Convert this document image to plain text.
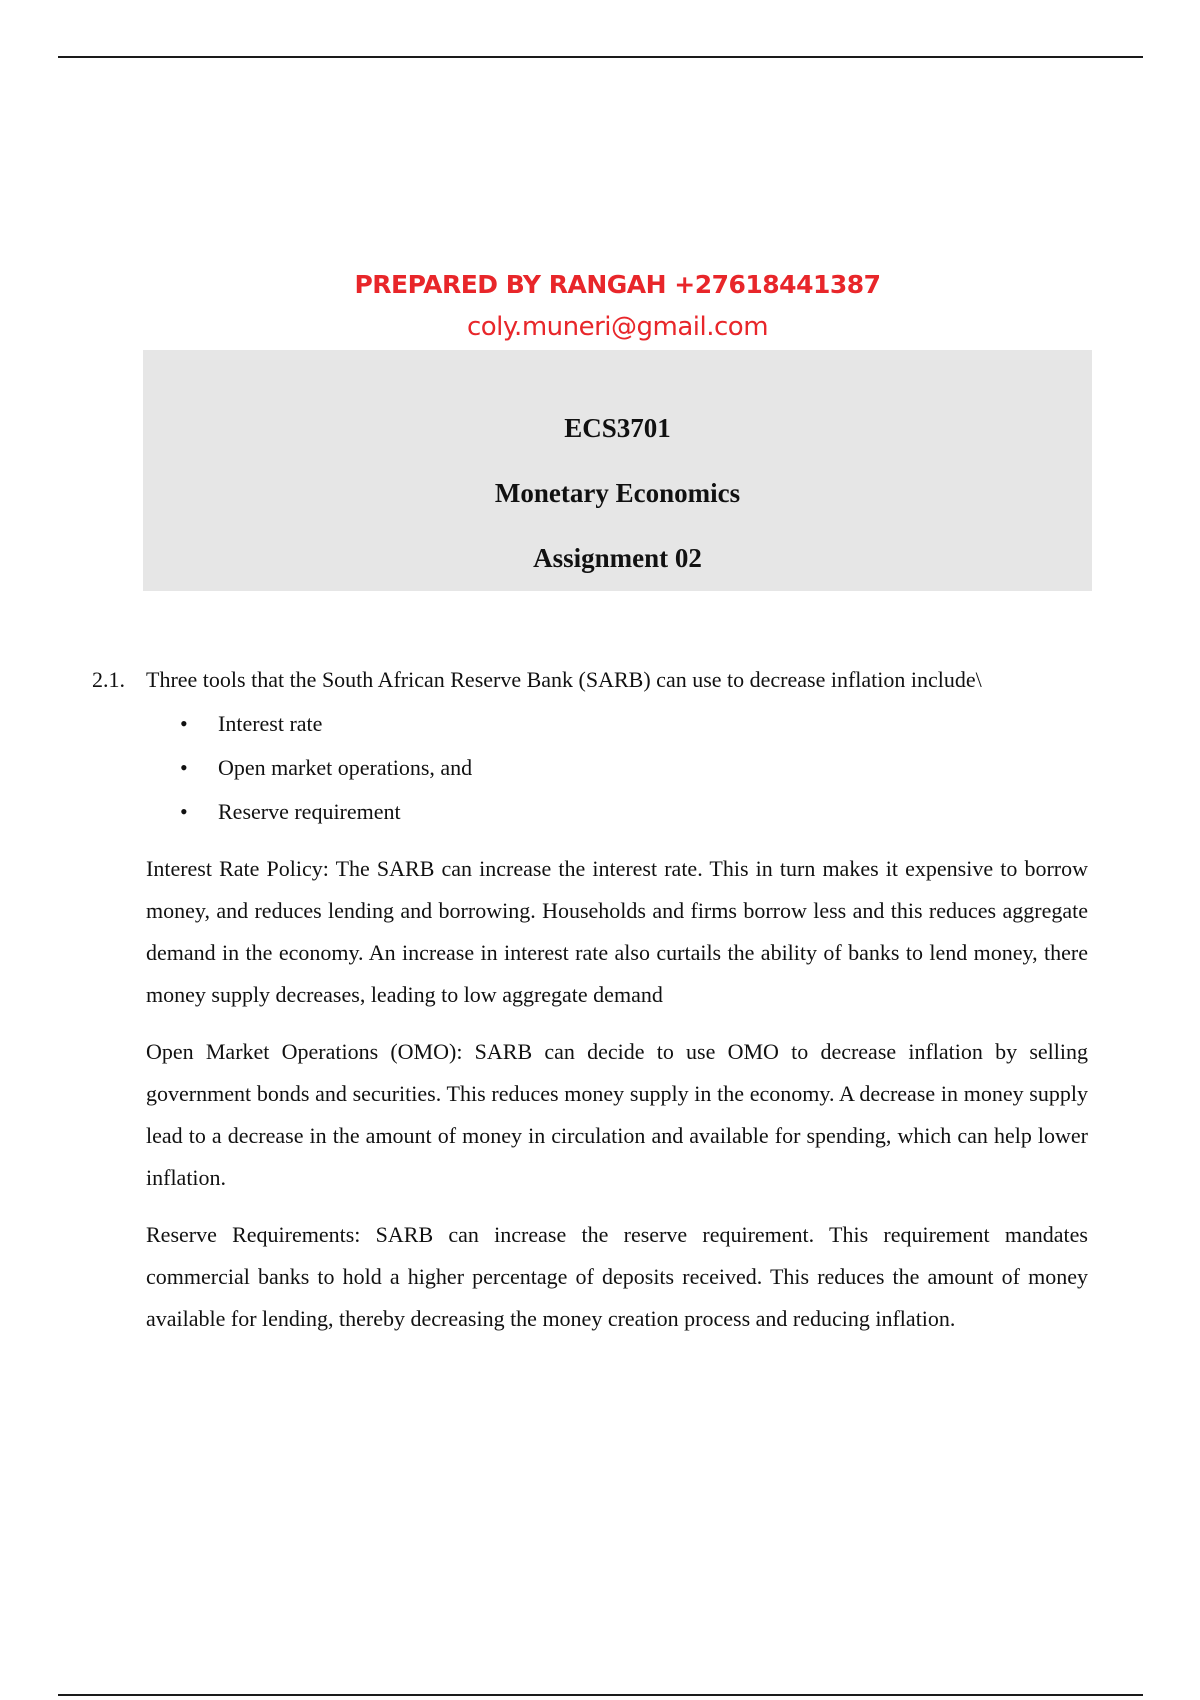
PREPARED BY RANGAH +27618441387
coly.muneri@gmail.com
ECS3701
Monetary Economics
Assignment 02
2.1. Three tools that the South African Reserve Bank (SARB) can use to decrease inflation include\
• Interest rate
• Open market operations, and
• Reserve requirement

Interest Rate Policy: The SARB can increase the interest rate. This in turn makes it expensive to borrow money, and reduces lending and borrowing. Households and firms borrow less and this reduces aggregate demand in the economy. An increase in interest rate also curtails the ability of banks to lend money, there money supply decreases, leading to low aggregate demand

Open Market Operations (OMO): SARB can decide to use OMO to decrease inflation by selling government bonds and securities. This reduces money supply in the economy. A decrease in money supply lead to a decrease in the amount of money in circulation and available for spending, which can help lower inflation.

Reserve Requirements: SARB can increase the reserve requirement. This requirement mandates commercial banks to hold a higher percentage of deposits received. This reduces the amount of money available for lending, thereby decreasing the money creation process and reducing inflation.
